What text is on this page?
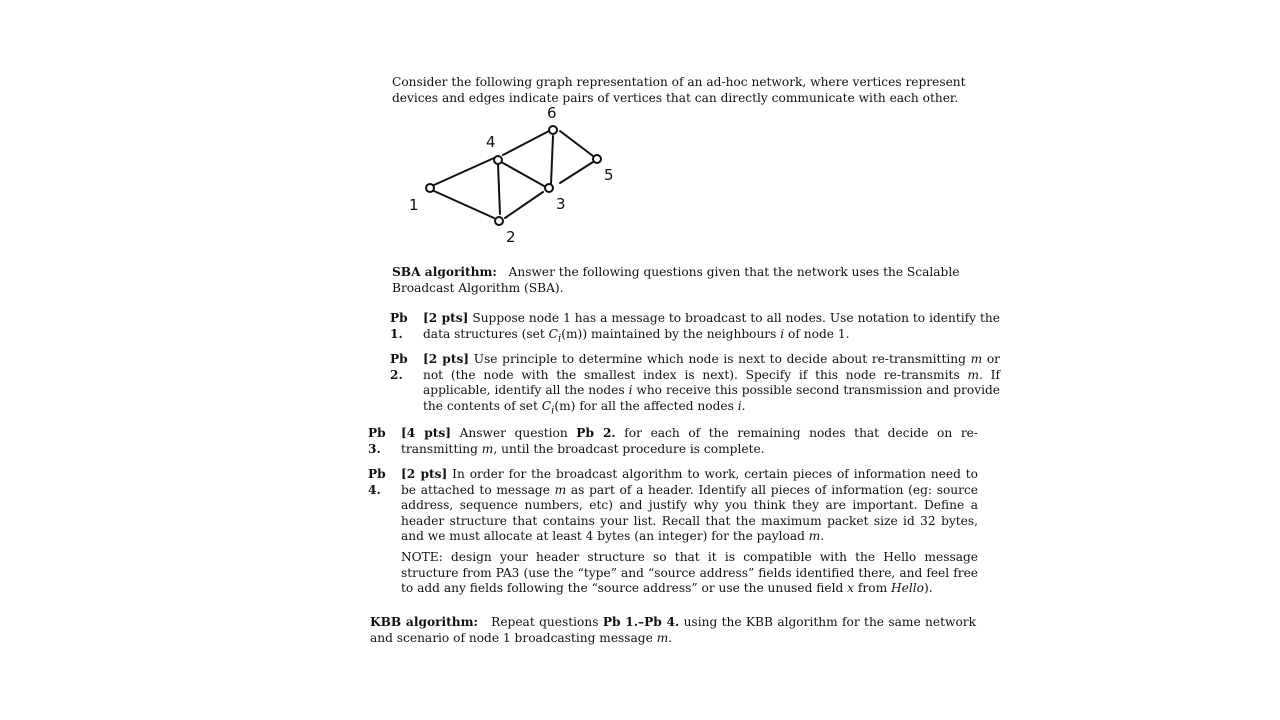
Consider the following graph representation of an ad-hoc network, where vertices represent devices and edges indicate pairs of vertices that can directly communicate with each other.
1
2
3
4
5
6
SBA algorithm: Answer the following questions given that the network uses the Scalable Broadcast Algorithm (SBA).
Pb 1.
[2 pts] Suppose node 1 has a message to broadcast to all nodes. Use notation to identify the data structures (set $C_i(m)$) maintained by the neighbours i of node 1.
Pb 2.
[2 pts] Use principle to determine which node is next to decide about re-transmitting m or not (the node with the smallest index is next). Specify if this node re-transmits m. If applicable, identify all the nodes i who receive this possible second transmission and provide the contents of set $C_i(m)$ for all the affected nodes i.
Pb 3.
[4 pts] Answer question Pb 2. for each of the remaining nodes that decide on re-transmitting m, until the broadcast procedure is complete.
Pb 4.
[2 pts] In order for the broadcast algorithm to work, certain pieces of information need to be attached to message m as part of a header. Identify all pieces of information (eg: source address, sequence numbers, etc) and justify why you think they are important. Define a header structure that contains your list. Recall that the maximum packet size id 32 bytes, and we must allocate at least 4 bytes (an integer) for the payload m.
NOTE: design your header structure so that it is compatible with the Hello message structure from PA3 (use the “type” and “source address” fields identified there, and feel free to add any fields following the “source address” or use the unused field x from Hello).
KBB algorithm: Repeat questions Pb 1.–Pb 4. using the KBB algorithm for the same network and scenario of node 1 broadcasting message m.
